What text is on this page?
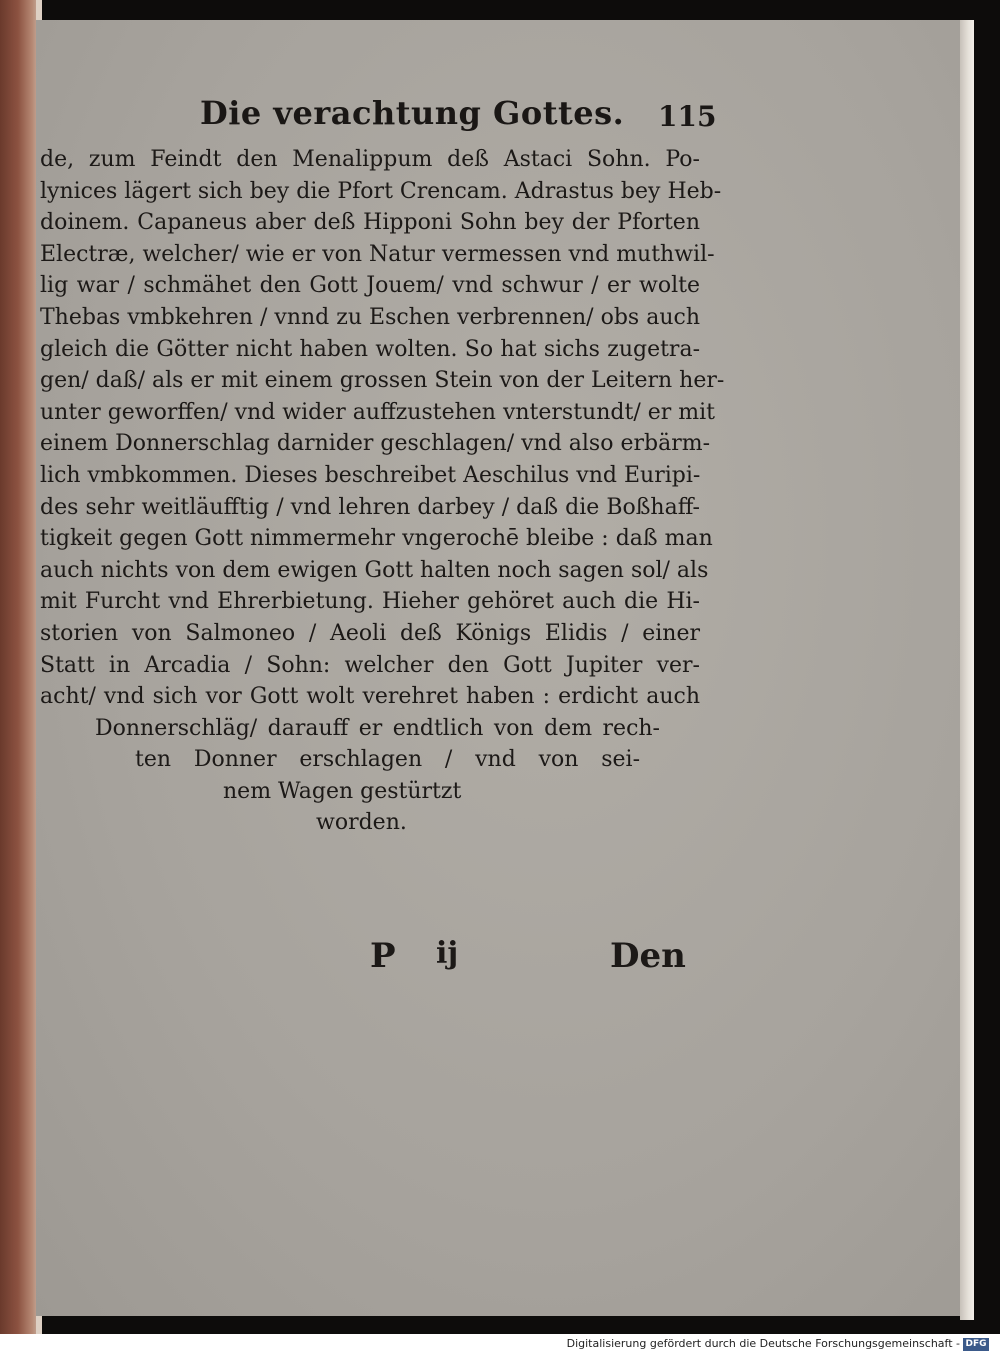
Die verachtung Gottes. 115
de, zum Feindt den Menalippum deß Astaci Sohn. Po-
lynices lägert sich bey die Pfort Crencam. Adrastus bey Heb-
doinem. Capaneus aber deß Hipponi Sohn bey der Pforten
Electræ, welcher/ wie er von Natur vermessen vnd muthwil-
lig war / schmähet den Gott Jouem/ vnd schwur / er wolte
Thebas vmbkehren / vnnd zu Eschen verbrennen/ obs auch
gleich die Götter nicht haben wolten. So hat sichs zugetra-
gen/ daß/ als er mit einem grossen Stein von der Leitern her-
unter geworffen/ vnd wider auffzustehen vnterstundt/ er mit
einem Donnerschlag darnider geschlagen/ vnd also erbärm-
lich vmbkommen. Dieses beschreibet Aeschilus vnd Euripi-
des sehr weitläufftig / vnd lehren darbey / daß die Boßhaff-
tigkeit gegen Gott nimmermehr vngerochē bleibe : daß man
auch nichts von dem ewigen Gott halten noch sagen sol/ als
mit Furcht vnd Ehrerbietung. Hieher gehöret auch die Hi-
storien von Salmoneo / Aeoli deß Königs Elidis / einer
Statt in Arcadia / Sohn: welcher den Gott Jupiter ver-
acht/ vnd sich vor Gott wolt verehret haben : erdicht auch
Donnerschläg/ darauff er endtlich von dem rech-
ten Donner erschlagen / vnd von sei-
nem Wagen gestürtzt
worden.
P ij	Den
Digitalisierung gefördert durch die Deutsche Forschungsgemeinschaft - DFG
